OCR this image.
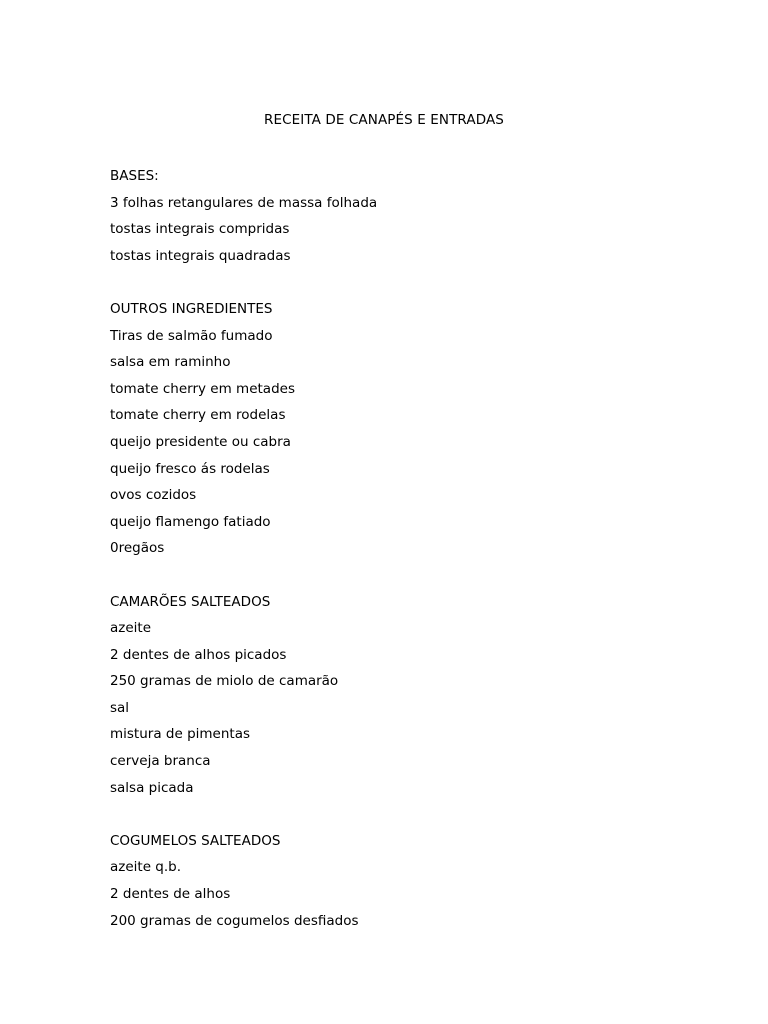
RECEITA DE CANAPÉS E ENTRADAS
BASES:
3 folhas retangulares de massa folhada
tostas integrais compridas
tostas integrais quadradas
OUTROS INGREDIENTES
Tiras de salmão fumado
salsa em raminho
tomate cherry em metades
tomate cherry em rodelas
queijo presidente ou cabra
queijo fresco ás rodelas
ovos cozidos
queijo flamengo fatiado
0regãos
CAMARÕES SALTEADOS
azeite
2 dentes de alhos picados
250 gramas de miolo de camarão
sal
mistura de pimentas
cerveja branca
salsa picada
COGUMELOS SALTEADOS
azeite q.b.
2 dentes de alhos
200 gramas de cogumelos desfiados
